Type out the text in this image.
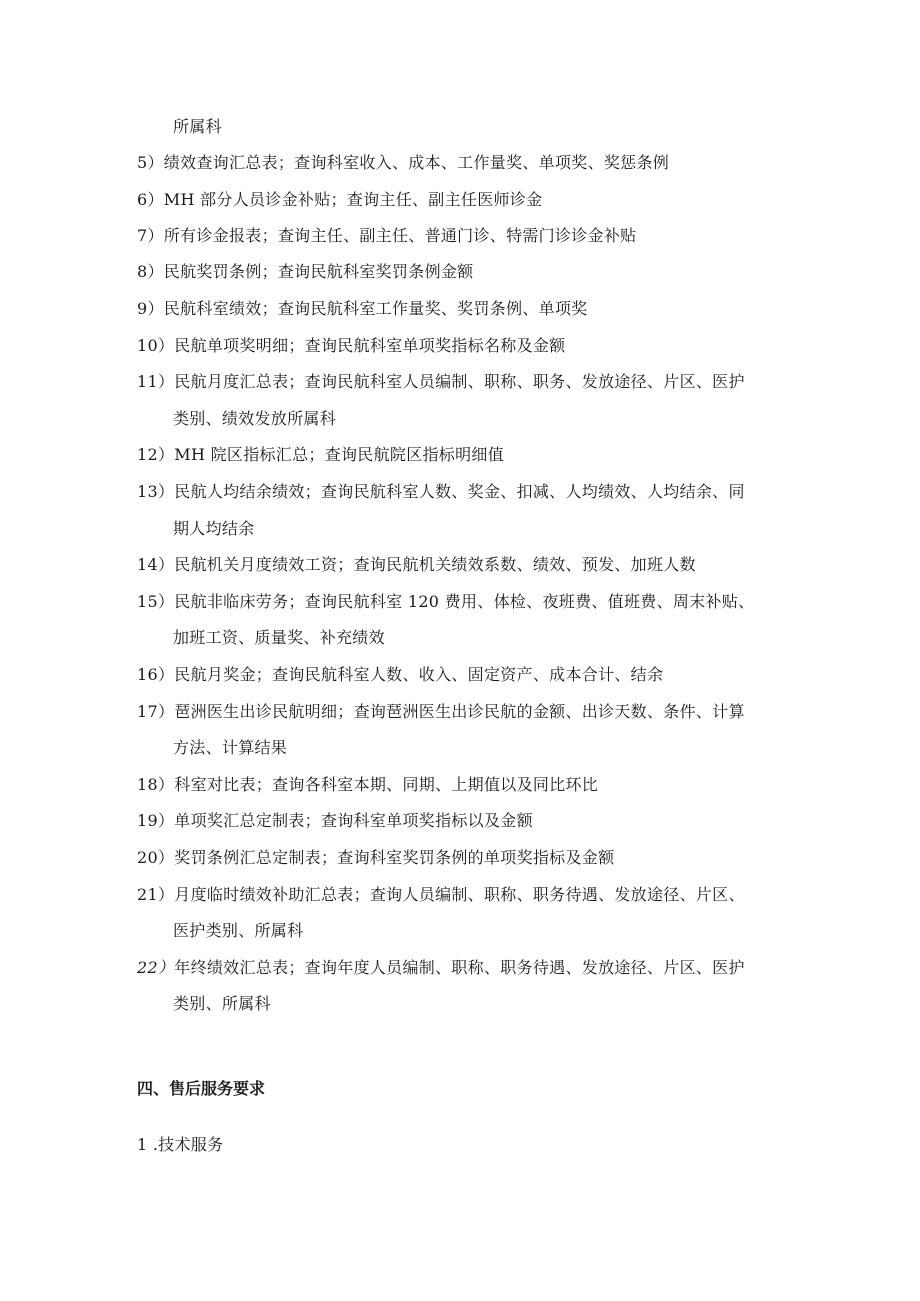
所属科
5）绩效查询汇总表；查询科室收入、成本、工作量奖、单项奖、奖惩条例
6）MH 部分人员诊金补贴；查询主任、副主任医师诊金
7）所有诊金报表；查询主任、副主任、普通门诊、特需门诊诊金补贴
8）民航奖罚条例；查询民航科室奖罚条例金额
9）民航科室绩效；查询民航科室工作量奖、奖罚条例、单项奖
10）民航单项奖明细；查询民航科室单项奖指标名称及金额
11）民航月度汇总表；查询民航科室人员编制、职称、职务、发放途径、片区、医护
类别、绩效发放所属科
12）MH 院区指标汇总；查询民航院区指标明细值
13）民航人均结余绩效；查询民航科室人数、奖金、扣减、人均绩效、人均结余、同
期人均结余
14）民航机关月度绩效工资；查询民航机关绩效系数、绩效、预发、加班人数
15）民航非临床劳务；查询民航科室 120 费用、体检、夜班费、值班费、周末补贴、
加班工资、质量奖、补充绩效
16）民航月奖金；查询民航科室人数、收入、固定资产、成本合计、结余
17）琶洲医生出诊民航明细；查询琶洲医生出诊民航的金额、出诊天数、条件、计算
方法、计算结果
18）科室对比表；查询各科室本期、同期、上期值以及同比环比
19）单项奖汇总定制表；查询科室单项奖指标以及金额
20）奖罚条例汇总定制表；查询科室奖罚条例的单项奖指标及金额
21）月度临时绩效补助汇总表；查询人员编制、职称、职务待遇、发放途径、片区、
医护类别、所属科
22）年终绩效汇总表；查询年度人员编制、职称、职务待遇、发放途径、片区、医护
类别、所属科
四、售后服务要求
1 .技术服务
